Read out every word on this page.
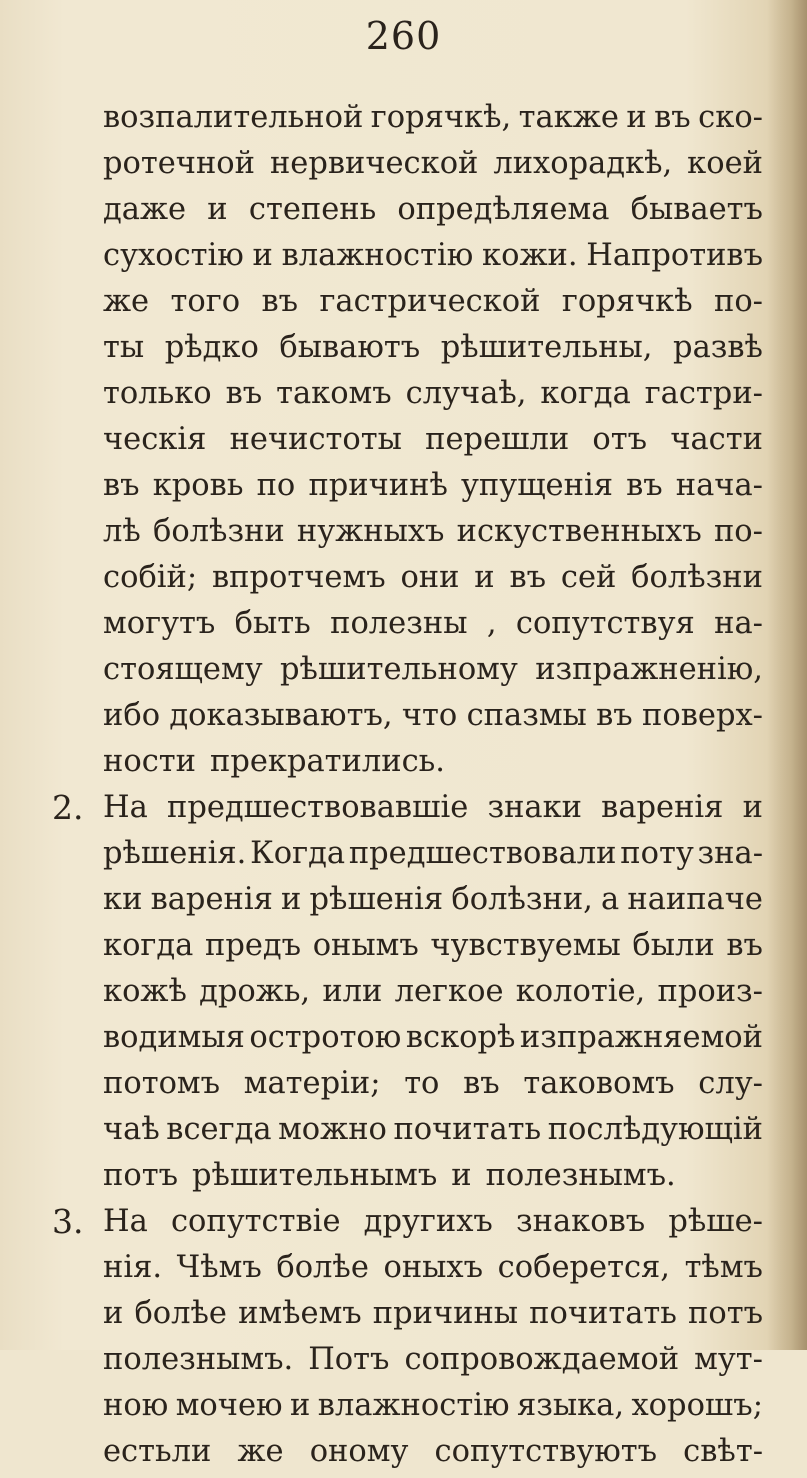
260
возпалительной горячкѣ, также и въ ско-
ротечной нервической лихорадкѣ, коей
даже и степень опредѣляема бываетъ
сухостію и влажностію кожи. Напротивъ
же того въ гастрической горячкѣ по-
ты рѣдко бываютъ рѣшительны, развѣ
только въ такомъ случаѣ, когда гастри-
ческія нечистоты перешли отъ части
въ кровь по причинѣ упущенія въ нача-
лѣ болѣзни нужныхъ искуственныхъ по-
собій; впротчемъ они и въ сей болѣзни
могутъ быть полезны , сопутствуя на-
стоящему рѣшительному изпражненію,
ибо доказываютъ, что спазмы въ поверх-
ности прекратились.
2. На предшествовавшіе знаки варенія и
рѣшенія. Когда предшествовали поту зна-
ки варенія и рѣшенія болѣзни, а наипаче
когда предъ онымъ чувствуемы были въ
кожѣ дрожь, или легкое колотіе, произ-
водимыя остротою вскорѣ изпражняемой
потомъ матеріи; то въ таковомъ слу-
чаѣ всегда можно почитать послѣдующій
потъ рѣшительнымъ и полезнымъ.
3. На сопутствіе другихъ знаковъ рѣше-
нія. Чѣмъ болѣе оныхъ соберется, тѣмъ
и болѣе имѣемъ причины почитать потъ
полезнымъ. Потъ сопровождаемой мут-
ною мочею и влажностію языка, хорошъ;
естьли же оному сопутствуютъ свѣт-
